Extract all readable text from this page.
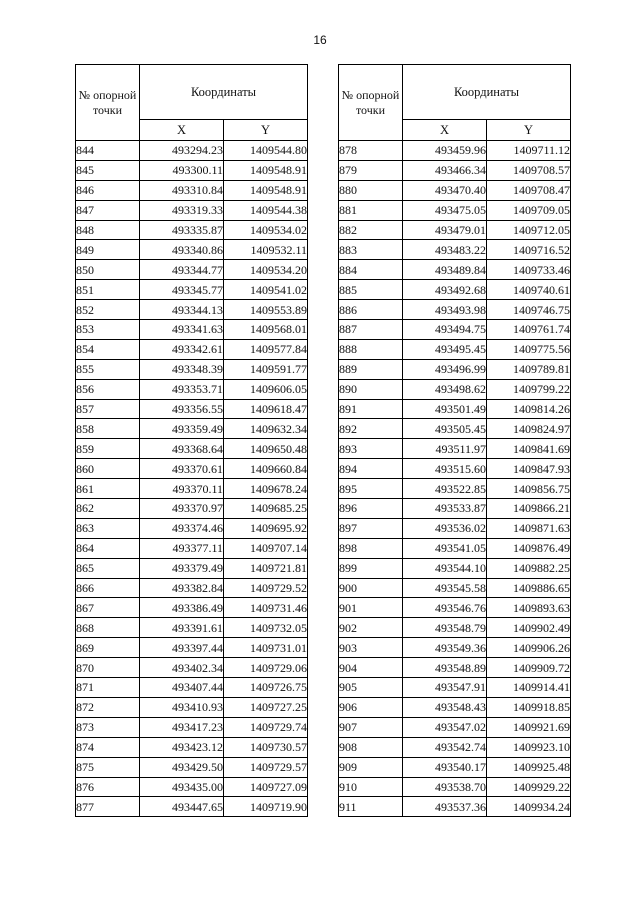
16
№ опорной точки	Координаты	
	X	Y
844	493294.23	1409544.80
845	493300.11	1409548.91
846	493310.84	1409548.91
847	493319.33	1409544.38
848	493335.87	1409534.02
849	493340.86	1409532.11
850	493344.77	1409534.20
851	493345.77	1409541.02
852	493344.13	1409553.89
853	493341.63	1409568.01
854	493342.61	1409577.84
855	493348.39	1409591.77
856	493353.71	1409606.05
857	493356.55	1409618.47
858	493359.49	1409632.34
859	493368.64	1409650.48
860	493370.61	1409660.84
861	493370.11	1409678.24
862	493370.97	1409685.25
863	493374.46	1409695.92
864	493377.11	1409707.14
865	493379.49	1409721.81
866	493382.84	1409729.52
867	493386.49	1409731.46
868	493391.61	1409732.05
869	493397.44	1409731.01
870	493402.34	1409729.06
871	493407.44	1409726.75
872	493410.93	1409727.25
873	493417.23	1409729.74
874	493423.12	1409730.57
875	493429.50	1409729.57
876	493435.00	1409727.09
877	493447.65	1409719.90
№ опорной точки	Координаты	
	X	Y
878	493459.96	1409711.12
879	493466.34	1409708.57
880	493470.40	1409708.47
881	493475.05	1409709.05
882	493479.01	1409712.05
883	493483.22	1409716.52
884	493489.84	1409733.46
885	493492.68	1409740.61
886	493493.98	1409746.75
887	493494.75	1409761.74
888	493495.45	1409775.56
889	493496.99	1409789.81
890	493498.62	1409799.22
891	493501.49	1409814.26
892	493505.45	1409824.97
893	493511.97	1409841.69
894	493515.60	1409847.93
895	493522.85	1409856.75
896	493533.87	1409866.21
897	493536.02	1409871.63
898	493541.05	1409876.49
899	493544.10	1409882.25
900	493545.58	1409886.65
901	493546.76	1409893.63
902	493548.79	1409902.49
903	493549.36	1409906.26
904	493548.89	1409909.72
905	493547.91	1409914.41
906	493548.43	1409918.85
907	493547.02	1409921.69
908	493542.74	1409923.10
909	493540.17	1409925.48
910	493538.70	1409929.22
911	493537.36	1409934.24
